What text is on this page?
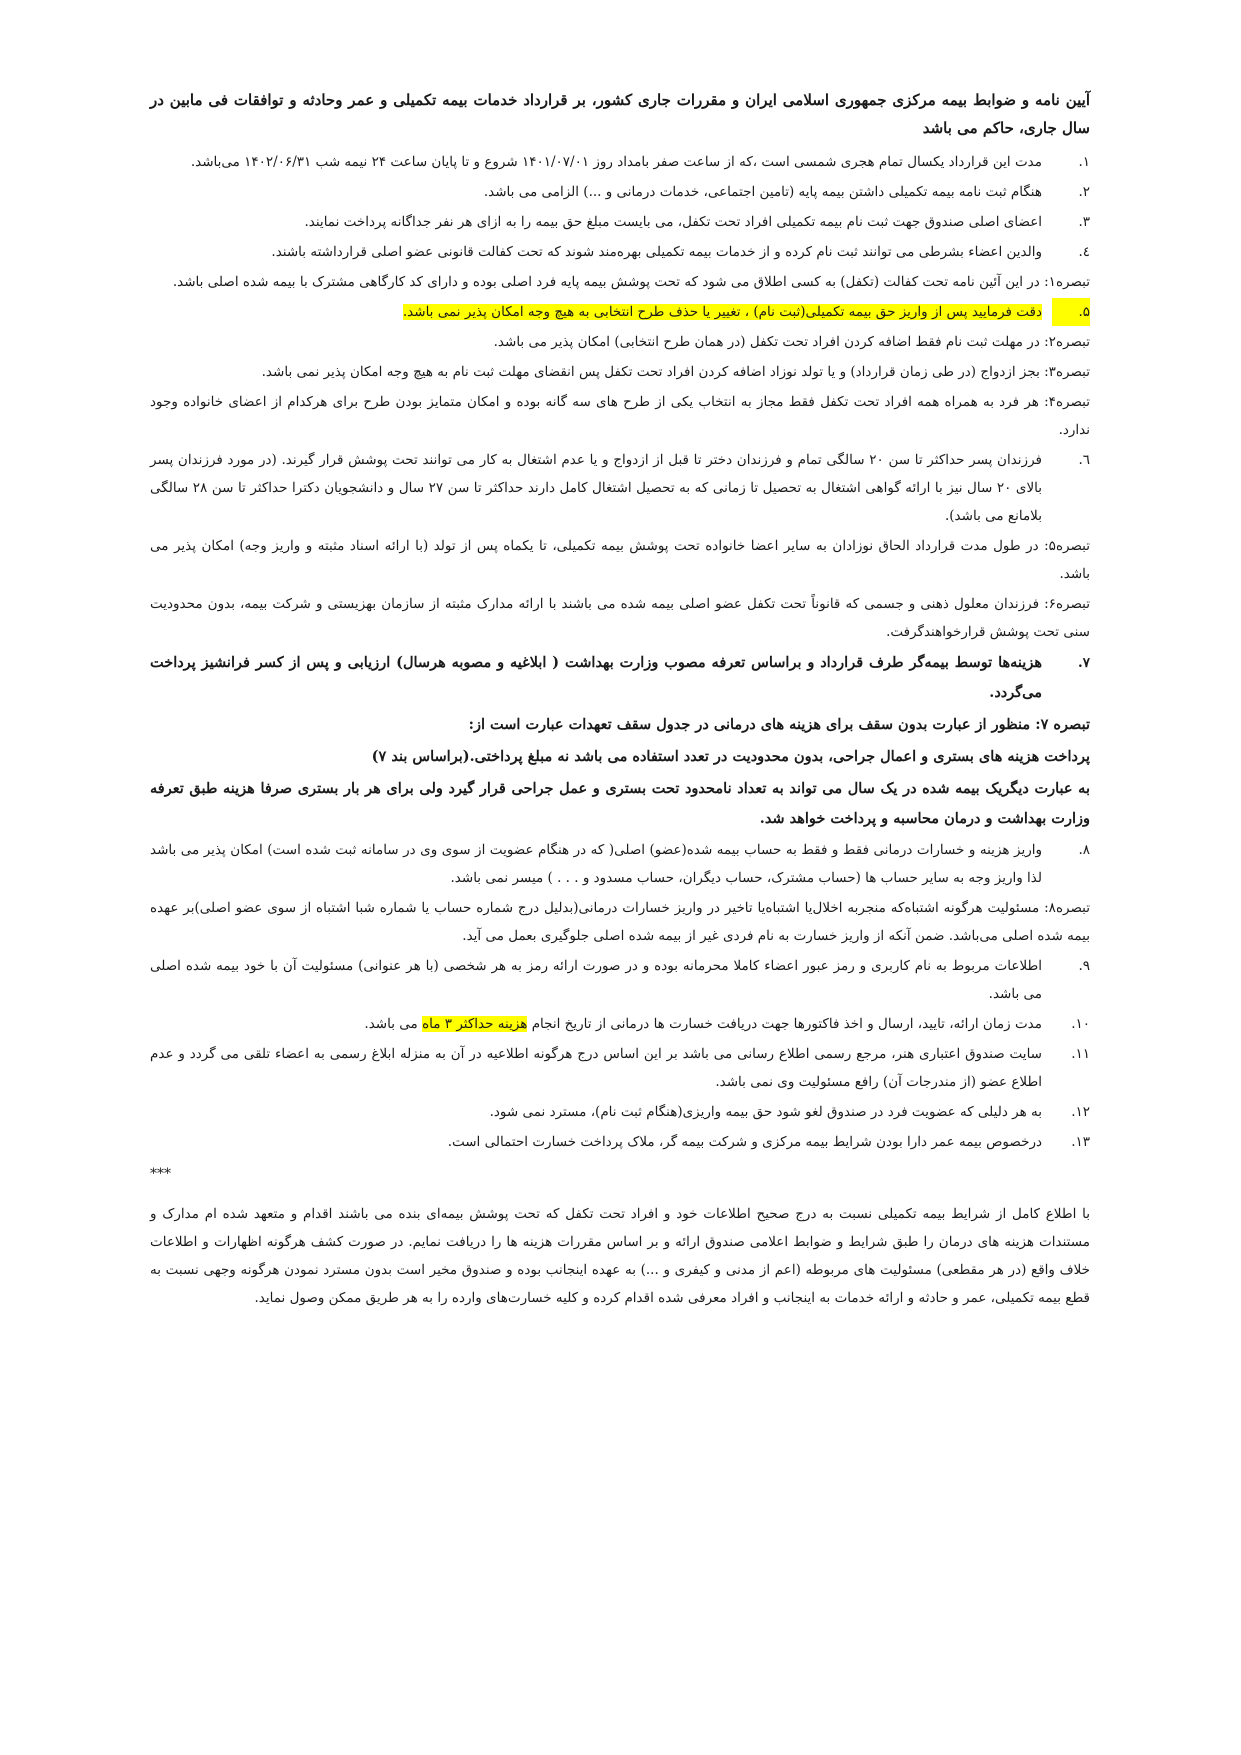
آیین نامه و ضوابط بیمه مرکزی جمهوری اسلامی ایران و مقررات جاری کشور، بر قرارداد خدمات بیمه تکمیلی و عمر وحادثه و توافقات فی مابین در سال جاری، حاکم می باشد

۱.
مدت این قرارداد یکسال تمام هجری شمسی است ،که از ساعت صفر بامداد روز ۱۴۰۱/۰۷/۰۱ شروع و تا پایان ساعت ۲۴ نیمه شب ۱۴۰۲/۰۶/۳۱ می‌باشد.
۲.
هنگام ثبت نامه بیمه تکمیلی داشتن بیمه پایه (تامین اجتماعی، خدمات درمانی و ...) الزامی می باشد.
۳.
اعضای اصلی صندوق جهت ثبت نام بیمه تکمیلی افراد تحت تکفل، می بایست مبلغ حق بیمه را به ازای هر نفر جداگانه پرداخت نمایند.
٤.
والدین اعضاء بشرطی می توانند ثبت نام کرده و از خدمات بیمه تکمیلی بهره‌مند شوند که تحت کفالت قانونی عضو اصلی قرارداشته باشند.

تبصره۱: در این آئین نامه تحت کفالت (تکفل) به کسی اطلاق می شود که تحت پوشش بیمه پایه فرد اصلی بوده و دارای کد کارگاهی مشترک با بیمه شده اصلی باشد.

۵.
دقت فرمایید پس از واریز حق بیمه تکمیلی(ثبت نام) ، تغییر یا حذف طرح انتخابی به هیچ وجه امکان پذیر نمی باشد.

تبصره۲: در مهلت ثبت نام فقط اضافه کردن افراد تحت تکفل (در همان طرح انتخابی) امکان پذیر می باشد.

تبصره۳: بجز ازدواج (در طی زمان قرارداد) و یا تولد نوزاد اضافه کردن افراد تحت تکفل پس انقضای مهلت ثبت نام به هیچ وجه امکان پذیر نمی باشد.

تبصره۴: هر فرد به همراه همه افراد تحت تکفل فقط مجاز به انتخاب یکی از طرح های سه گانه بوده و امکان متمایز بودن طرح برای هرکدام از اعضای خانواده وجود ندارد.

٦.
فرزندان پسر حداکثر تا سن ۲۰ سالگی تمام و فرزندان دختر تا قبل از ازدواج و یا عدم اشتغال به کار می توانند تحت پوشش قرار گیرند. (در مورد فرزندان پسر بالای ۲۰ سال نیز با ارائه گواهی اشتغال به تحصیل تا زمانی که به تحصیل اشتغال کامل دارند حداکثر تا سن ۲۷ سال و دانشجویان دکترا حداکثر تا سن ۲۸ سالگی بلامانع می باشد).

تبصره۵: در طول مدت قرارداد الحاق نوزادان به سایر اعضا خانواده تحت پوشش بیمه تکمیلی، تا یکماه پس از تولد (با ارائه اسناد مثبته و واریز وجه) امکان پذیر می باشد.

تبصره۶: فرزندان معلول ذهنی و جسمی که قانوناً تحت تکفل عضو اصلی بیمه شده می باشند با ارائه مدارک مثبته از سازمان بهزیستی و شرکت بیمه، بدون محدودیت سنی تحت پوشش قرارخواهندگرفت.

۷.
هزینه‌ها توسط بیمه‌گر طرف قرارداد و براساس تعرفه مصوب وزارت بهداشت ( ابلاغیه و مصوبه هرسال) ارزیابی و پس از کسر فرانشیز پرداخت می‌گردد.

تبصره ۷: منظور از عبارت بدون سقف برای هزینه های درمانی در جدول سقف تعهدات عبارت است از:

پرداخت هزینه های بستری و اعمال جراحی، بدون محدودیت در تعدد استفاده می باشد نه مبلغ پرداختی.(براساس بند ۷)

به عبارت دیگریک بیمه شده در یک سال می تواند به تعداد نامحدود تحت بستری و عمل جراحی قرار گیرد ولی برای هر بار بستری صرفا هزینه طبق تعرفه وزارت بهداشت و درمان محاسبه و پرداخت خواهد شد.

۸.
واریز هزینه و خسارات درمانی فقط و فقط به حساب بیمه شده(عضو) اصلی( که در هنگام عضویت از سوی وی در سامانه ثبت شده است) امکان پذیر می باشد لذا واریز وجه به سایر حساب ها (حساب مشترک، حساب دیگران، حساب مسدود و . . . ) میسر نمی باشد.

تبصره۸: مسئولیت هرگونه اشتباه‌که منجربه اخلال‌یا اشتباه‌یا تاخیر در واریز خسارات درمانی(بدلیل درج شماره حساب یا شماره شبا اشتباه از سوی عضو اصلی)بر عهده بیمه شده اصلی می‌باشد. ضمن آنکه از واریز خسارت به نام فردی غیر از بیمه شده اصلی جلوگیری بعمل می آید.

۹.
اطلاعات مربوط به نام کاربری و رمز عبور اعضاء کاملا محرمانه بوده و در صورت ارائه رمز به هر شخصی (با هر عنوانی) مسئولیت آن با خود بیمه شده اصلی می باشد.
۱۰.
مدت زمان ارائه، تایید، ارسال و اخذ فاکتورها جهت دریافت خسارت ها درمانی از تاریخ انجام هزینه حداکثر ۳ ماه می باشد.
۱۱.
سایت صندوق اعتباری هنر، مرجع رسمی اطلاع رسانی می باشد بر این اساس درج هرگونه اطلاعیه در آن به منزله ابلاغ رسمی به اعضاء تلقی می گردد و عدم اطلاع عضو (از مندرجات آن) رافع مسئولیت وی نمی باشد.
۱۲.
به هر دلیلی که عضویت فرد در صندوق لغو شود حق بیمه واریزی(هنگام ثبت نام)، مسترد نمی شود.
۱۳.
درخصوص بیمه عمر دارا بودن شرایط بیمه مرکزی و شرکت بیمه گر، ملاک پرداخت خسارت احتمالی است.
***

با اطلاع کامل از شرایط بیمه تکمیلی نسبت به درج صحیح اطلاعات خود و افراد تحت تکفل که تحت پوشش بیمه‌ای بنده می باشند اقدام و متعهد شده ام مدارک و مستندات هزینه های درمان را طبق شرایط و ضوابط اعلامی صندوق ارائه و بر اساس مقررات هزینه ها را دریافت نمایم. در صورت کشف هرگونه اظهارات و اطلاعات خلاف واقع (در هر مقطعی) مسئولیت های مربوطه (اعم از مدنی و کیفری و ...) به عهده اینجانب بوده و صندوق مخیر است بدون مسترد نمودن هرگونه وجهی نسبت به قطع بیمه تکمیلی، عمر و حادثه و ارائه خدمات به اینجانب و افراد معرفی شده اقدام کرده و کلیه خسارت‌های وارده را به هر طریق ممکن وصول نماید.
